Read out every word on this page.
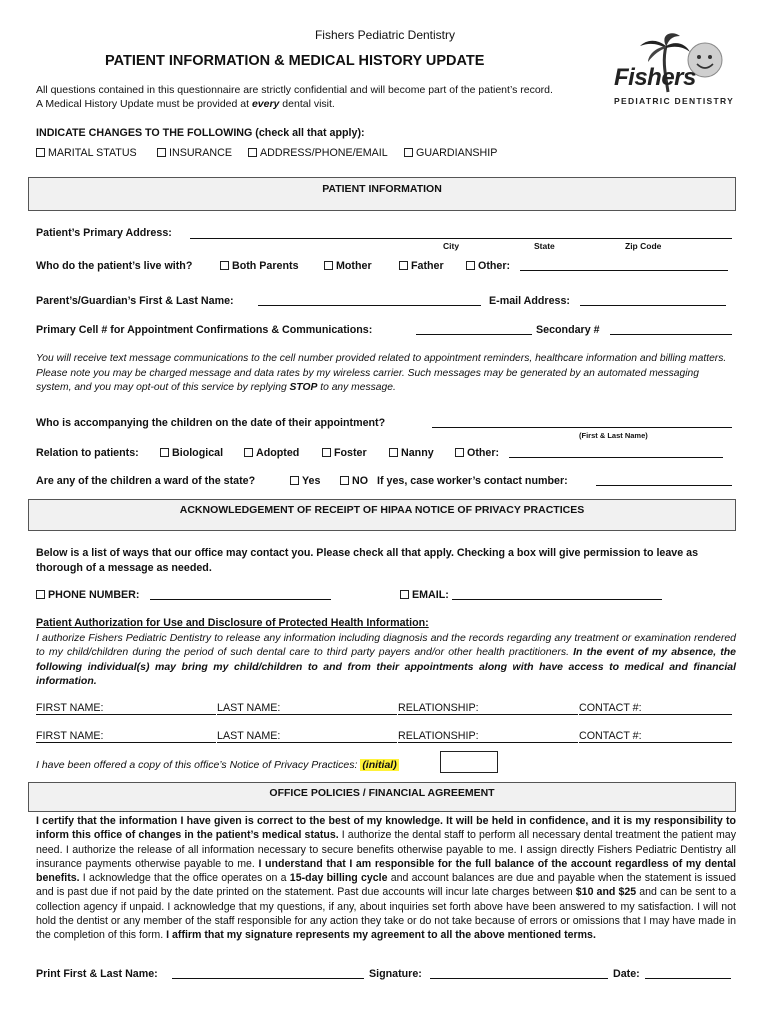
Fishers Pediatric Dentistry
PATIENT INFORMATION & MEDICAL HISTORY UPDATE
All questions contained in this questionnaire are strictly confidential and will become part of the patient’s record.
A Medical History Update must be provided at every dental visit.
Fishers
PEDIATRIC DENTISTRY
INDICATE CHANGES TO THE FOLLOWING (check all that apply):
MARITAL STATUS	INSURANCE	ADDRESS/PHONE/EMAIL	GUARDIANSHIP
PATIENT INFORMATION
Patient’s Primary Address:
City	State	Zip Code
Who do the patient’s live with?	Both Parents	Mother	Father	Other:
Parent’s/Guardian’s First & Last Name:	E-mail Address:
Primary Cell # for Appointment Confirmations & Communications:	Secondary #
You will receive text message communications to the cell number provided related to appointment reminders, healthcare information and billing matters. Please note you may be charged message and data rates by my wireless carrier. Such messages may be generated by an automated messaging system, and you may opt-out of this service by replying STOP to any message.
Who is accompanying the children on the date of their appointment?
(First & Last Name)
Relation to patients:	Biological	Adopted	Foster	Nanny	Other:
Are any of the children a ward of the state?	Yes	NO If yes, case worker’s contact number:
ACKNOWLEDGEMENT OF RECEIPT OF HIPAA NOTICE OF PRIVACY PRACTICES
Below is a list of ways that our office may contact you. Please check all that apply. Checking a box will give permission to leave as thorough of a message as needed.
PHONE NUMBER:	EMAIL:
Patient Authorization for Use and Disclosure of Protected Health Information:
I authorize Fishers Pediatric Dentistry to release any information including diagnosis and the records regarding any treatment or examination rendered to my child/children during the period of such dental care to third party payers and/or other health practitioners. In the event of my absence, the following individual(s) may bring my child/children to and from their appointments along with have access to medical and financial information.
FIRST NAME:	LAST NAME:	RELATIONSHIP:	CONTACT #:
FIRST NAME:	LAST NAME:	RELATIONSHIP:	CONTACT #:
I have been offered a copy of this office’s Notice of Privacy Practices: (initial)
OFFICE POLICIES / FINANCIAL AGREEMENT
I certify that the information I have given is correct to the best of my knowledge. It will be held in confidence, and it is my responsibility to inform this office of changes in the patient’s medical status. I authorize the dental staff to perform all necessary dental treatment the patient may need. I authorize the release of all information necessary to secure benefits otherwise payable to me. I assign directly Fishers Pediatric Dentistry all insurance payments otherwise payable to me. I understand that I am responsible for the full balance of the account regardless of my dental benefits. I acknowledge that the office operates on a 15-day billing cycle and account balances are due and payable when the statement is issued and is past due if not paid by the date printed on the statement. Past due accounts will incur late charges between $10 and $25 and can be sent to a collection agency if unpaid. I acknowledge that my questions, if any, about inquiries set forth above have been answered to my satisfaction. I will not hold the dentist or any member of the staff responsible for any action they take or do not take because of errors or omissions that I may have made in the completion of this form. I affirm that my signature represents my agreement to all the above mentioned terms.
Print First & Last Name:	Signature:	Date:
